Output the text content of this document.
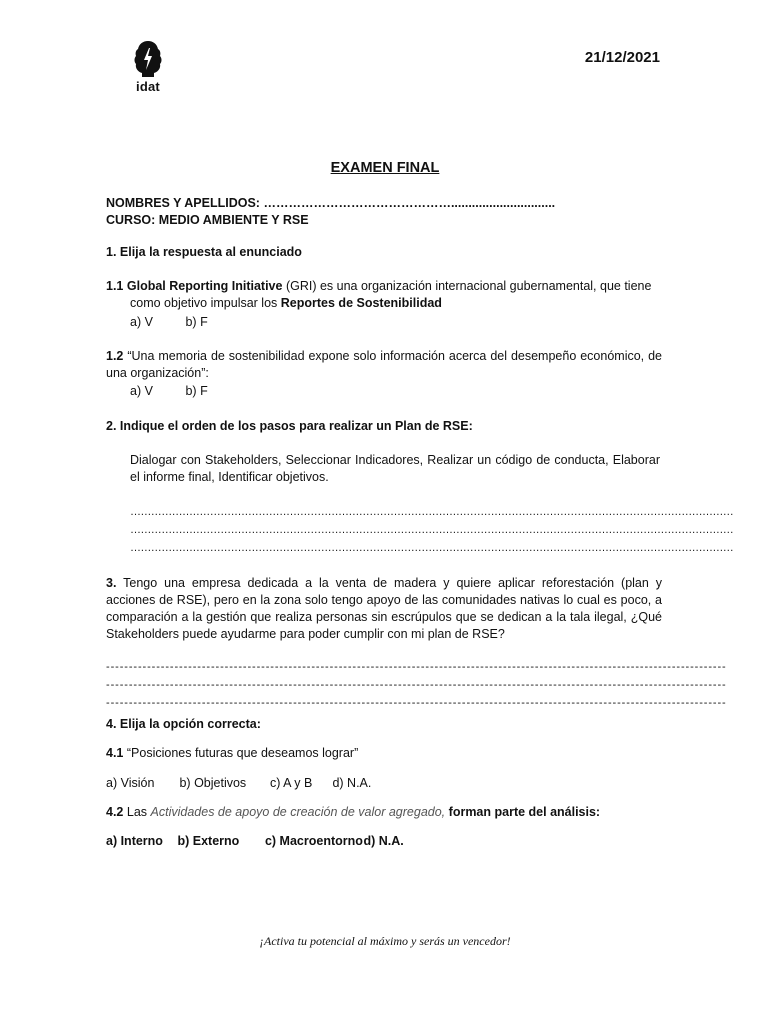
idat
21/12/2021
EXAMEN FINAL
NOMBRES Y APELLIDOS: ………………………………………..............................
CURSO: MEDIO AMBIENTE Y RSE
1. Elija la respuesta al enunciado
1.1 Global Reporting Initiative (GRI) es una organización internacional gubernamental, que tiene
como objetivo impulsar los Reportes de Sostenibilidad
a) V	b) F
1.2 “Una memoria de sostenibilidad expone solo información acerca del desempeño económico, de una organización”:
a) V	b) F
2. Indique el orden de los pasos para realizar un Plan de RSE:
Dialogar con Stakeholders, Seleccionar Indicadores, Realizar un código de conducta, Elaborar el informe final, Identificar objetivos.
…………………………………………………………………………………………………………………………………………………………
…………………………………………………………………………………………………………………………………………………………
…………………………………………………………………………………………………………………………………………………………
3. Tengo una empresa dedicada a la venta de madera y quiere aplicar reforestación (plan y acciones de RSE), pero en la zona solo tengo apoyo de las comunidades nativas lo cual es poco, a comparación a la gestión que realiza personas sin escrúpulos que se dedican a la tala ilegal, ¿Qué Stakeholders puede ayudarme para poder cumplir con mi plan de RSE?
----------------------------------------------------------------------------------------------------------------------------------------
----------------------------------------------------------------------------------------------------------------------------------------
----------------------------------------------------------------------------------------------------------------------------------------
4. Elija la opción correcta:
4.1 “Posiciones futuras que deseamos lograr”
a) Visión b) Objetivos c) A y B d) N.A.
4.2 Las Actividades de apoyo de creación de valor agregado, forman parte del análisis:
a) Interno b) Externo c) Macroentorno d) N.A.
¡Activa tu potencial al máximo y serás un vencedor!
